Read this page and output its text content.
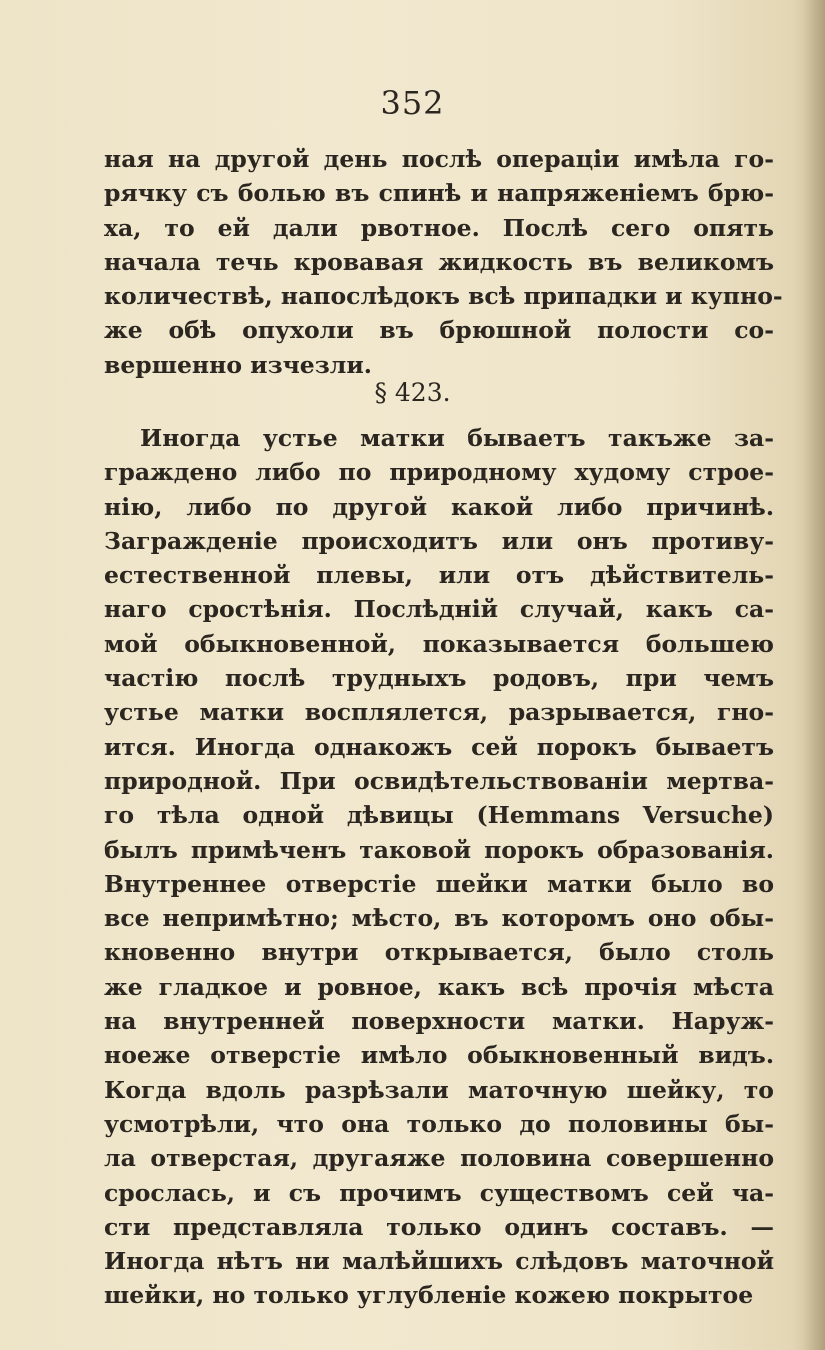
352
ная на другой день послѣ операціи имѣла го-
рячку съ болью въ спинѣ и напряженіемъ брю-
ха, то ей дали рвотное. Послѣ сего опять
начала течь кровавая жидкость въ великомъ
количествѣ, напослѣдокъ всѣ припадки и купно-
же обѣ опухоли въ брюшной полости со-
вершенно изчезли.
§ 423.
Иногда устье матки бываетъ такъже за-
граждено либо по природному худому строе-
нію, либо по другой какой либо причинѣ.
Загражденіе происходитъ или онъ противу-
естественной плевы, или отъ дѣйствитель-
наго сростѣнія. Послѣдній случай, какъ са-
мой обыкновенной, показывается большею
частію послѣ трудныхъ родовъ, при чемъ
устье матки восплялется, разрывается, гно-
ится. Иногда однакожъ сей порокъ бываетъ
природной. При освидѣтельствованіи мертва-
го тѣла одной дѣвицы (Hemmans Versuche)
былъ примѣченъ таковой порокъ образованія.
Внутреннее отверстіе шейки матки было во
все непримѣтно; мѣсто, въ которомъ оно обы-
кновенно внутри открывается, было столь
же гладкое и ровное, какъ всѣ прочія мѣста
на внутренней поверхности матки. Наруж-
ноеже отверстіе имѣло обыкновенный видъ.
Когда вдоль разрѣзали маточную шейку, то
усмотрѣли, что она только до половины бы-
ла отверстая, другаяже половина совершенно
срослась, и съ прочимъ существомъ сей ча-
сти представляла только одинъ составъ. —
Иногда нѣтъ ни малѣйшихъ слѣдовъ маточной
шейки, но только углубленіе кожею покрытое
